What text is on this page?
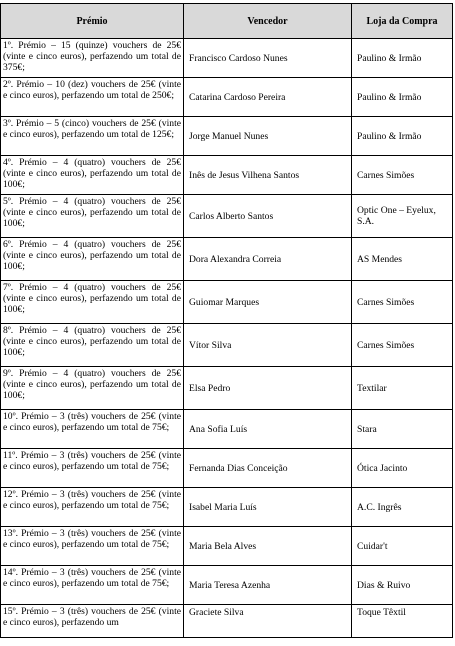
Prémio	Vencedor	Loja da Compra
1º. Prémio – 15 (quinze) vouchers de 25€ (vinte e cinco euros), perfazendo um total de 375€;	Francisco Cardoso Nunes	Paulino & Irmão
2º. Prémio – 10 (dez) vouchers de 25€ (vinte e cinco euros), perfazendo um total de 250€;	Catarina Cardoso Pereira	Paulino & Irmão
3º. Prémio – 5 (cinco) vouchers de 25€ (vinte e cinco euros), perfazendo um total de 125€;	Jorge Manuel Nunes	Paulino & Irmão
4º. Prémio – 4 (quatro) vouchers de 25€ (vinte e cinco euros), perfazendo um total de 100€;	Inês de Jesus Vilhena Santos	Carnes Simões
5º. Prémio – 4 (quatro) vouchers de 25€ (vinte e cinco euros), perfazendo um total de 100€;	Carlos Alberto Santos	Optic One – Eyelux, S.A.
6º. Prémio – 4 (quatro) vouchers de 25€ (vinte e cinco euros), perfazendo um total de 100€;	Dora Alexandra Correia	AS Mendes
7º. Prémio – 4 (quatro) vouchers de 25€ (vinte e cinco euros), perfazendo um total de 100€;	Guiomar Marques	Carnes Simões
8º. Prémio – 4 (quatro) vouchers de 25€ (vinte e cinco euros), perfazendo um total de 100€;	Vítor Silva	Carnes Simões
9º. Prémio – 4 (quatro) vouchers de 25€ (vinte e cinco euros), perfazendo um total de 100€;	Elsa Pedro	Textilar
10º. Prémio – 3 (três) vouchers de 25€ (vinte e cinco euros), perfazendo um total de 75€;	Ana Sofia Luís	Stara
11º. Prémio – 3 (três) vouchers de 25€ (vinte e cinco euros), perfazendo um total de 75€;	Fernanda Dias Conceição	Ótica Jacinto
12º. Prémio – 3 (três) vouchers de 25€ (vinte e cinco euros), perfazendo um total de 75€;	Isabel Maria Luís	A.C. Ingrês
13º. Prémio – 3 (três) vouchers de 25€ (vinte e cinco euros), perfazendo um total de 75€;	Maria Bela Alves	Cuidar't
14º. Prémio – 3 (três) vouchers de 25€ (vinte e cinco euros), perfazendo um total de 75€;	Maria Teresa Azenha	Dias & Ruivo
15º. Prémio – 3 (três) vouchers de 25€ (vinte e cinco euros), perfazendo um	Graciete Silva	Toque Têxtil
